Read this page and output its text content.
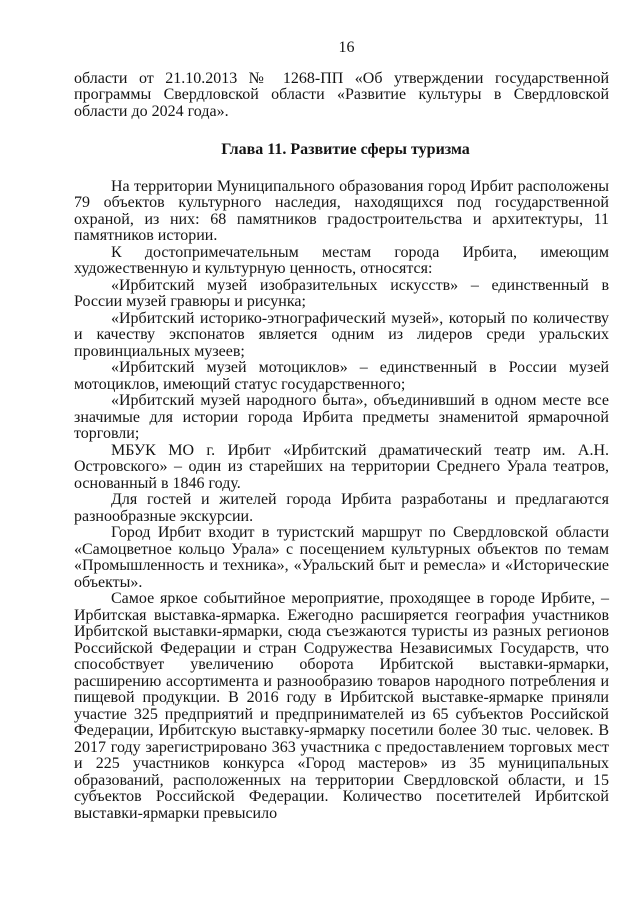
16

области от 21.10.2013 № 1268-ПП «Об утверждении государственной программы Свердловской области «Развитие культуры в Свердловской области до 2024 года».

Глава 11. Развитие сферы туризма

На территории Муниципального образования город Ирбит расположены 79 объектов культурного наследия, находящихся под государственной охраной, из них: 68 памятников градостроительства и архитектуры, 11 памятников истории.

К достопримечательным местам города Ирбита, имеющим художественную и культурную ценность, относятся:

«Ирбитский музей изобразительных искусств» – единственный в России музей гравюры и рисунка;

«Ирбитский историко-этнографический музей», который по количеству и качеству экспонатов является одним из лидеров среди уральских провинциальных музеев;

«Ирбитский музей мотоциклов» – единственный в России музей мотоциклов, имеющий статус государственного;

«Ирбитский музей народного быта», объединивший в одном месте все значимые для истории города Ирбита предметы знаменитой ярмарочной торговли;

МБУК МО г. Ирбит «Ирбитский драматический театр им. А.Н. Островского» – один из старейших на территории Среднего Урала театров, основанный в 1846 году.

Для гостей и жителей города Ирбита разработаны и предлагаются разнообразные экскурсии.

Город Ирбит входит в туристский маршрут по Свердловской области «Самоцветное кольцо Урала» с посещением культурных объектов по темам «Промышленность и техника», «Уральский быт и ремесла» и «Исторические объекты».

Самое яркое событийное мероприятие, проходящее в городе Ирбите, – Ирбитская выставка-ярмарка. Ежегодно расширяется география участников Ирбитской выставки-ярмарки, сюда съезжаются туристы из разных регионов Российской Федерации и стран Содружества Независимых Государств, что способствует увеличению оборота Ирбитской выставки-ярмарки, расширению ассортимента и разнообразию товаров народного потребления и пищевой продукции. В 2016 году в Ирбитской выставке-ярмарке приняли участие 325 предприятий и предпринимателей из 65 субъектов Российской Федерации, Ирбитскую выставку-ярмарку посетили более 30 тыс. человек. В 2017 году зарегистрировано 363 участника с предоставлением торговых мест и 225 участников конкурса «Город мастеров» из 35 муниципальных образований, расположенных на территории Свердловской области, и 15 субъектов Российской Федерации. Количество посетителей Ирбитской выставки-ярмарки превысило
